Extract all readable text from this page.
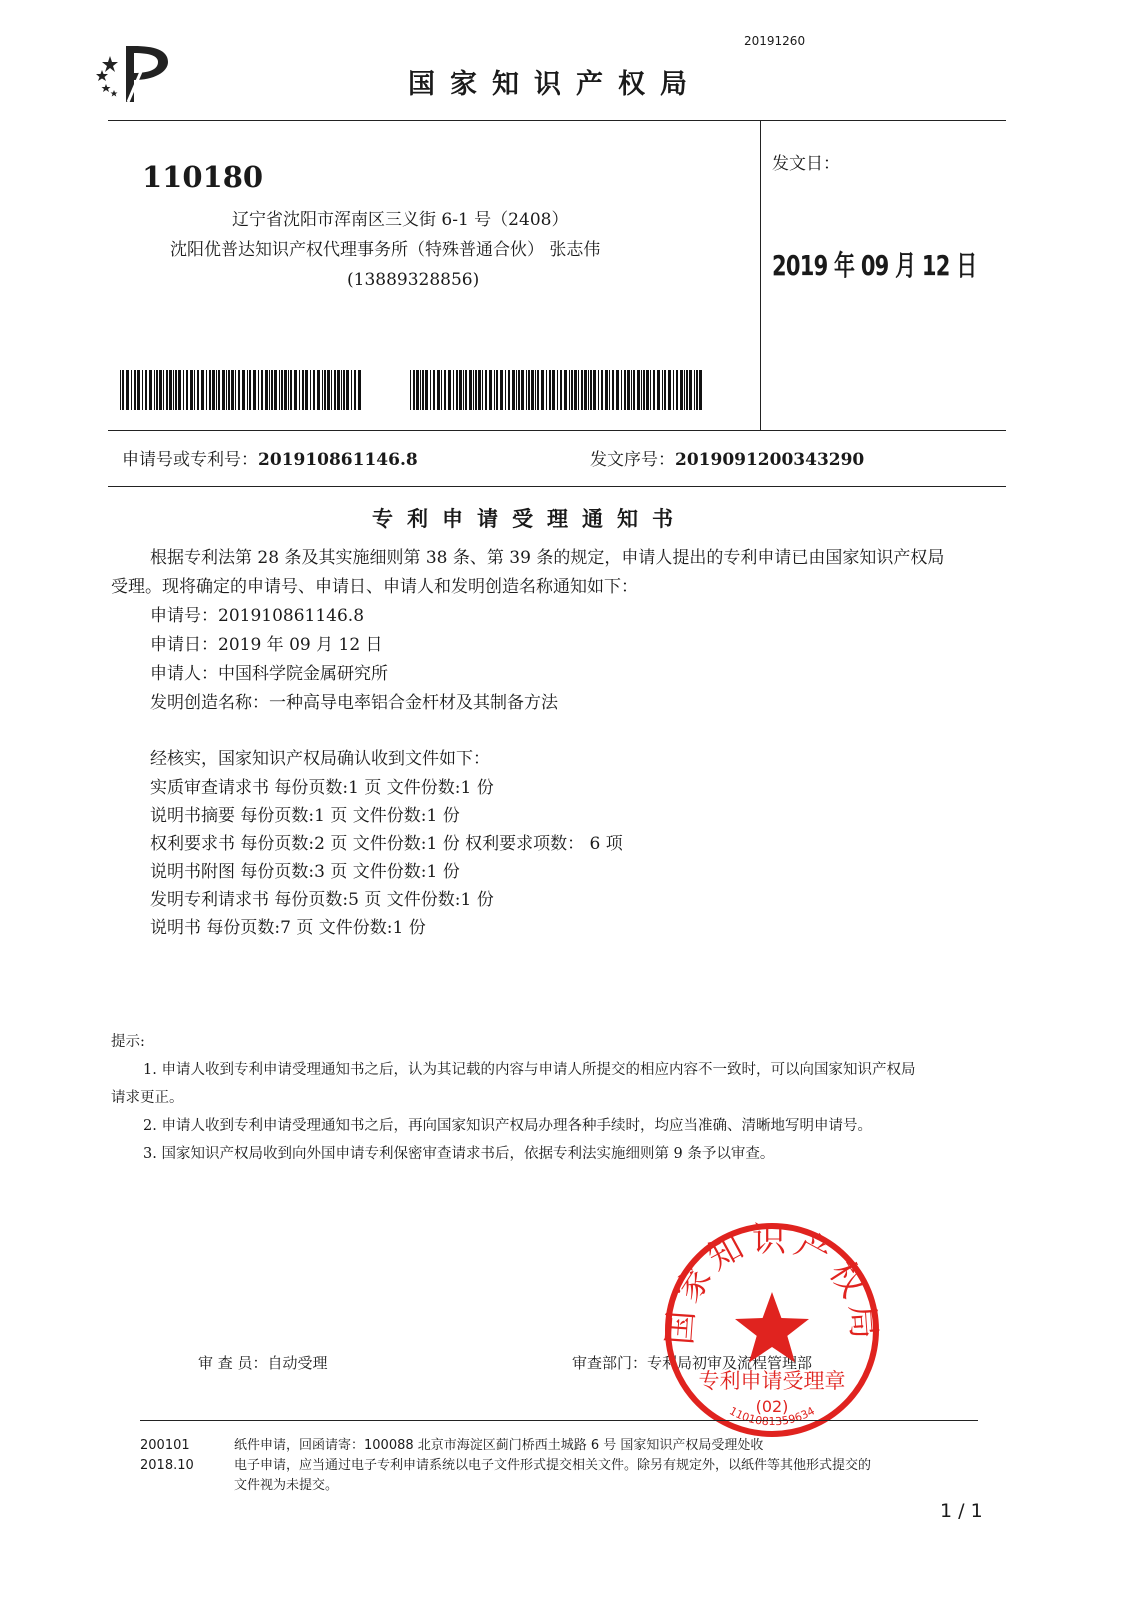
20191260
国家知识产权局
110180
辽宁省沈阳市浑南区三义街 6-1 号（2408）
沈阳优普达知识产权代理事务所（特殊普通合伙） 张志伟
(13889328856)
发文日：
2019 年 09 月 12 日
申请号或专利号：201910861146.8	发文序号：2019091200343290
专利申请受理通知书
根据专利法第 28 条及其实施细则第 38 条、第 39 条的规定，申请人提出的专利申请已由国家知识产权局
受理。现将确定的申请号、申请日、申请人和发明创造名称通知如下：
申请号：201910861146.8
申请日：2019 年 09 月 12 日
申请人：中国科学院金属研究所
发明创造名称：一种高导电率铝合金杆材及其制备方法
经核实，国家知识产权局确认收到文件如下：
实质审查请求书 每份页数:1 页 文件份数:1 份
说明书摘要 每份页数:1 页 文件份数:1 份
权利要求书 每份页数:2 页 文件份数:1 份 权利要求项数： 6 项
说明书附图 每份页数:3 页 文件份数:1 份
发明专利请求书 每份页数:5 页 文件份数:1 份
说明书 每份页数:7 页 文件份数:1 份
提示:
1. 申请人收到专利申请受理通知书之后，认为其记载的内容与申请人所提交的相应内容不一致时，可以向国家知识产权局
请求更正。
2. 申请人收到专利申请受理通知书之后，再向国家知识产权局办理各种手续时，均应当准确、清晰地写明申请号。
3. 国家知识产权局收到向外国申请专利保密审查请求书后，依据专利法实施细则第 9 条予以审查。
审 查 员：自动受理	审查部门：专利局初审及流程管理部
国家知识产权局
专利申请受理章
(02)
1101081359634
200101
2018.10
纸件申请，回函请寄：100088 北京市海淀区蓟门桥西土城路 6 号 国家知识产权局受理处收
电子申请，应当通过电子专利申请系统以电子文件形式提交相关文件。除另有规定外，以纸件等其他形式提交的
文件视为未提交。
1 / 1
